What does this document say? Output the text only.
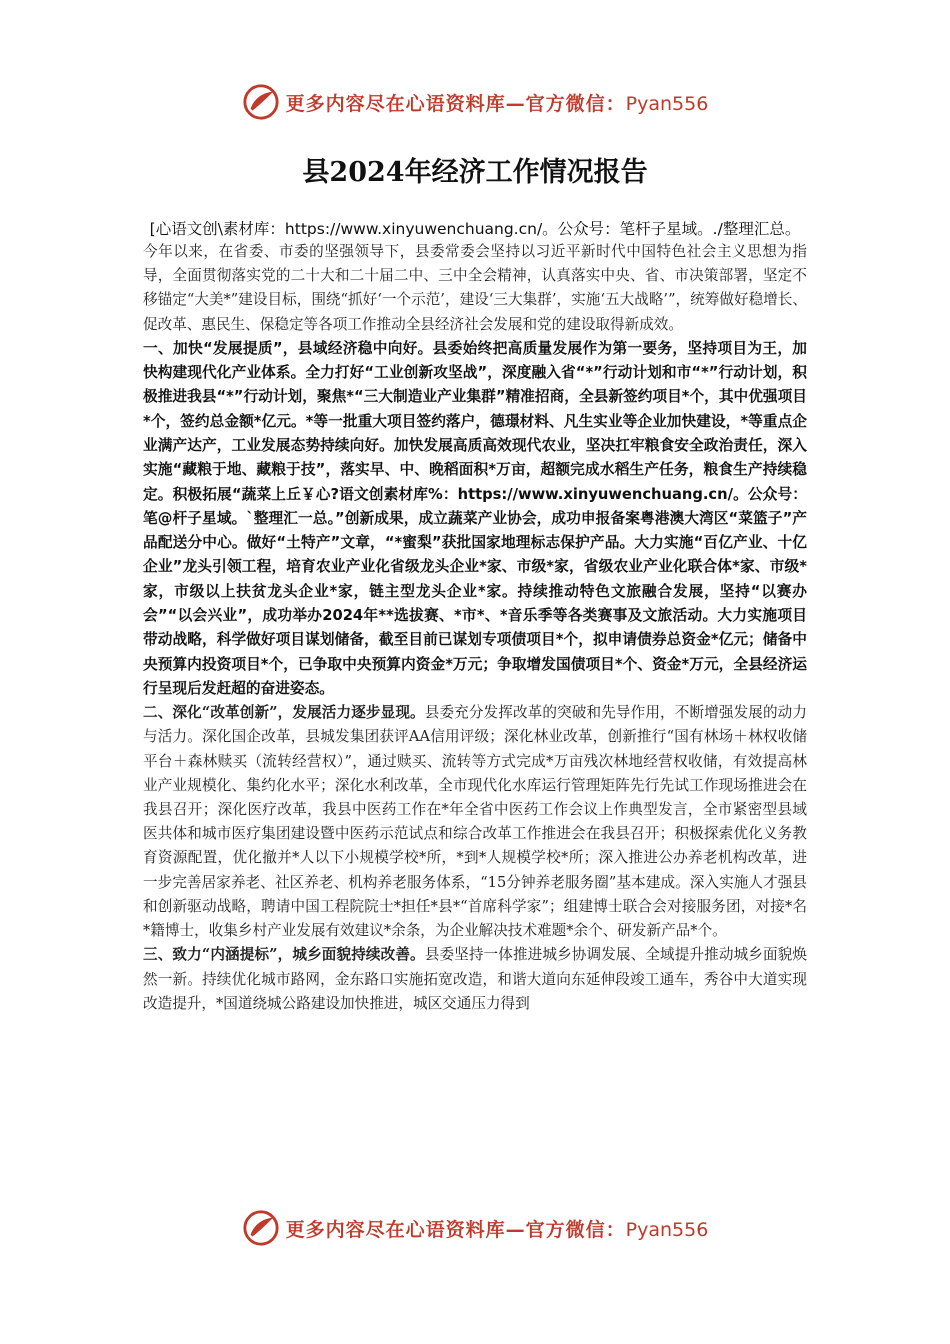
更多内容尽在心语资料库—官方微信：Pyan556
县2024年经济工作情况报告

[心语文创\素材库：https://www.xinyuwenchuang.cn/。公众号：笔杆子星域。./整理汇总。

今年以来，在省委、市委的坚强领导下，县委常委会坚持以习近平新时代中国特色社会主义思想为指导，全面贯彻落实党的二十大和二十届二中、三中全会精神，认真落实中央、省、市决策部署，坚定不移锚定“大美*”建设目标，围绕“抓好‘一个示范’，建设‘三大集群’，实施‘五大战略’”，统筹做好稳增长、促改革、惠民生、保稳定等各项工作推动全县经济社会发展和党的建设取得新成效。

一、加快“发展提质”，县域经济稳中向好。县委始终把高质量发展作为第一要务，坚持项目为王，加快构建现代化产业体系。全力打好“工业创新攻坚战”，深度融入省“*”行动计划和市“*”行动计划，积极推进我县“*”行动计划，聚焦*“三大制造业产业集群”精准招商，全县新签约项目*个，其中优强项目*个，签约总金额*亿元。*等一批重大项目签约落户，德璟材料、凡生实业等企业加快建设，*等重点企业满产达产，工业发展态势持续向好。加快发展高质高效现代农业，坚决扛牢粮食安全政治责任，深入实施“藏粮于地、藏粮于技”，落实早、中、晚稻面积*万亩，超额完成水稻生产任务，粮食生产持续稳定。积极拓展“蔬菜上丘￥心?语文创素材库%：https://www.xinyuwenchuang.cn/。公众号：笔@杆子星域。`整理汇一总。”创新成果，成立蔬菜产业协会，成功申报备案粤港澳大湾区“菜篮子”产品配送分中心。做好“土特产”文章，“*蜜梨”获批国家地理标志保护产品。大力实施“百亿产业、十亿企业”龙头引领工程，培育农业产业化省级龙头企业*家、市级*家，省级农业产业化联合体*家、市级*家，市级以上扶贫龙头企业*家，链主型龙头企业*家。持续推动特色文旅融合发展，坚持“以赛办会”“以会兴业”，成功举办2024年**选拔赛、*市*、*音乐季等各类赛事及文旅活动。大力实施项目带动战略，科学做好项目谋划储备，截至目前已谋划专项债项目*个，拟申请债券总资金*亿元；储备中央预算内投资项目*个，已争取中央预算内资金*万元；争取增发国债项目*个、资金*万元，全县经济运行呈现后发赶超的奋进姿态。

二、深化“改革创新”，发展活力逐步显现。县委充分发挥改革的突破和先导作用，不断增强发展的动力与活力。深化国企改革，县城发集团获评AA信用评级；深化林业改革，创新推行“国有林场＋林权收储平台＋森林赎买（流转经营权）”，通过赎买、流转等方式完成*万亩残次林地经营权收储，有效提高林业产业规模化、集约化水平；深化水利改革，全市现代化水库运行管理矩阵先行先试工作现场推进会在我县召开；深化医疗改革，我县中医药工作在*年全省中医药工作会议上作典型发言，全市紧密型县域医共体和城市医疗集团建设暨中医药示范试点和综合改革工作推进会在我县召开；积极探索优化义务教育资源配置，优化撤并*人以下小规模学校*所，*到*人规模学校*所；深入推进公办养老机构改革，进一步完善居家养老、社区养老、机构养老服务体系，“15分钟养老服务圈”基本建成。深入实施人才强县和创新驱动战略，聘请中国工程院院士*担任*县*“首席科学家”；组建博士联合会对接服务团，对接*名*籍博士，收集乡村产业发展有效建议*余条，为企业解决技术难题*余个、研发新产品*个。

三、致力“内涵提标”，城乡面貌持续改善。县委坚持一体推进城乡协调发展、全域提升推动城乡面貌焕然一新。持续优化城市路网，金东路口实施拓宽改造，和谐大道向东延伸段竣工通车，秀谷中大道实现改造提升，*国道绕城公路建设加快推进，城区交通压力得到

更多内容尽在心语资料库—官方微信：Pyan556
